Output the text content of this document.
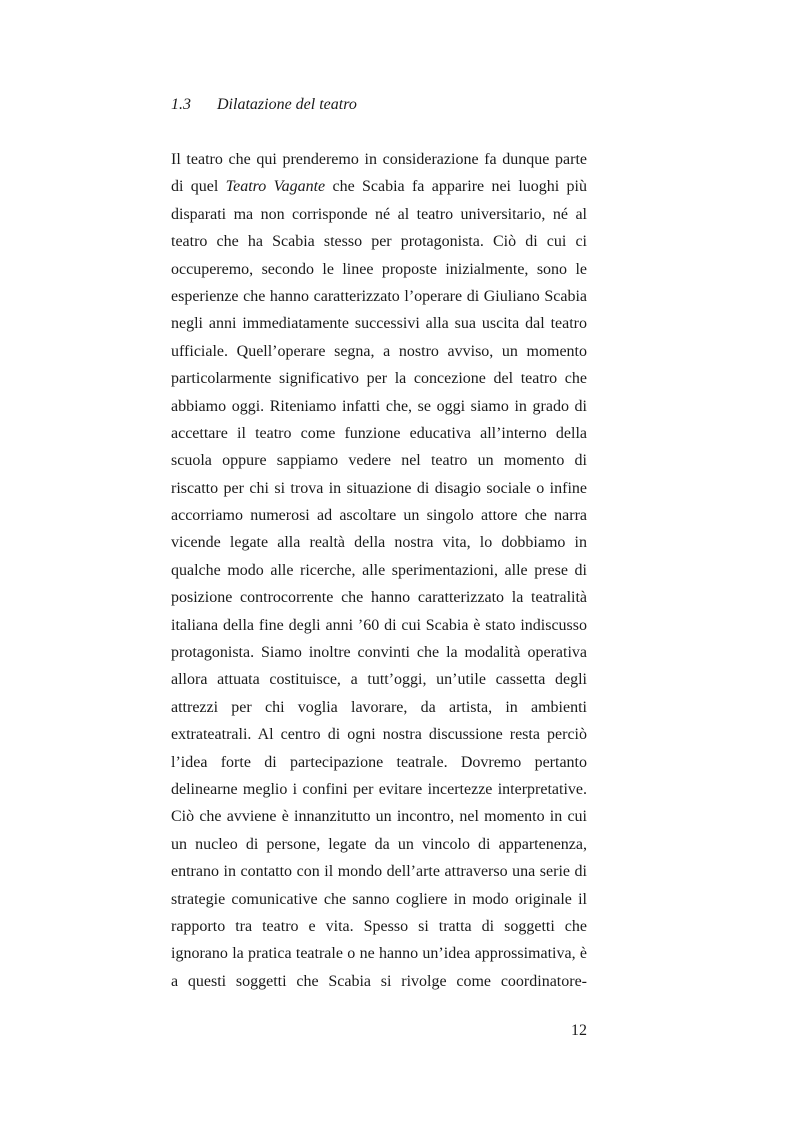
1.3 Dilatazione del teatro
Il teatro che qui prenderemo in considerazione fa dunque parte
di quel Teatro Vagante che Scabia fa apparire nei luoghi più
disparati ma non corrisponde né al teatro universitario, né al
teatro che ha Scabia stesso per protagonista. Ciò di cui ci
occuperemo, secondo le linee proposte inizialmente, sono le
esperienze che hanno caratterizzato l’operare di Giuliano Scabia
negli anni immediatamente successivi alla sua uscita dal teatro
ufficiale. Quell’operare segna, a nostro avviso, un momento
particolarmente significativo per la concezione del teatro che
abbiamo oggi. Riteniamo infatti che, se oggi siamo in grado di
accettare il teatro come funzione educativa all’interno della
scuola oppure sappiamo vedere nel teatro un momento di
riscatto per chi si trova in situazione di disagio sociale o infine
accorriamo numerosi ad ascoltare un singolo attore che narra
vicende legate alla realtà della nostra vita, lo dobbiamo in
qualche modo alle ricerche, alle sperimentazioni, alle prese di
posizione controcorrente che hanno caratterizzato la teatralità
italiana della fine degli anni ’60 di cui Scabia è stato indiscusso
protagonista. Siamo inoltre convinti che la modalità operativa
allora attuata costituisce, a tutt’oggi, un’utile cassetta degli
attrezzi per chi voglia lavorare, da artista, in ambienti
extrateatrali. Al centro di ogni nostra discussione resta perciò
l’idea forte di partecipazione teatrale. Dovremo pertanto
delinearne meglio i confini per evitare incertezze interpretative.
Ciò che avviene è innanzitutto un incontro, nel momento in cui
un nucleo di persone, legate da un vincolo di appartenenza,
entrano in contatto con il mondo dell’arte attraverso una serie di
strategie comunicative che sanno cogliere in modo originale il
rapporto tra teatro e vita. Spesso si tratta di soggetti che
ignorano la pratica teatrale o ne hanno un’idea approssimativa, è
a questi soggetti che Scabia si rivolge come coordinatore-
12
